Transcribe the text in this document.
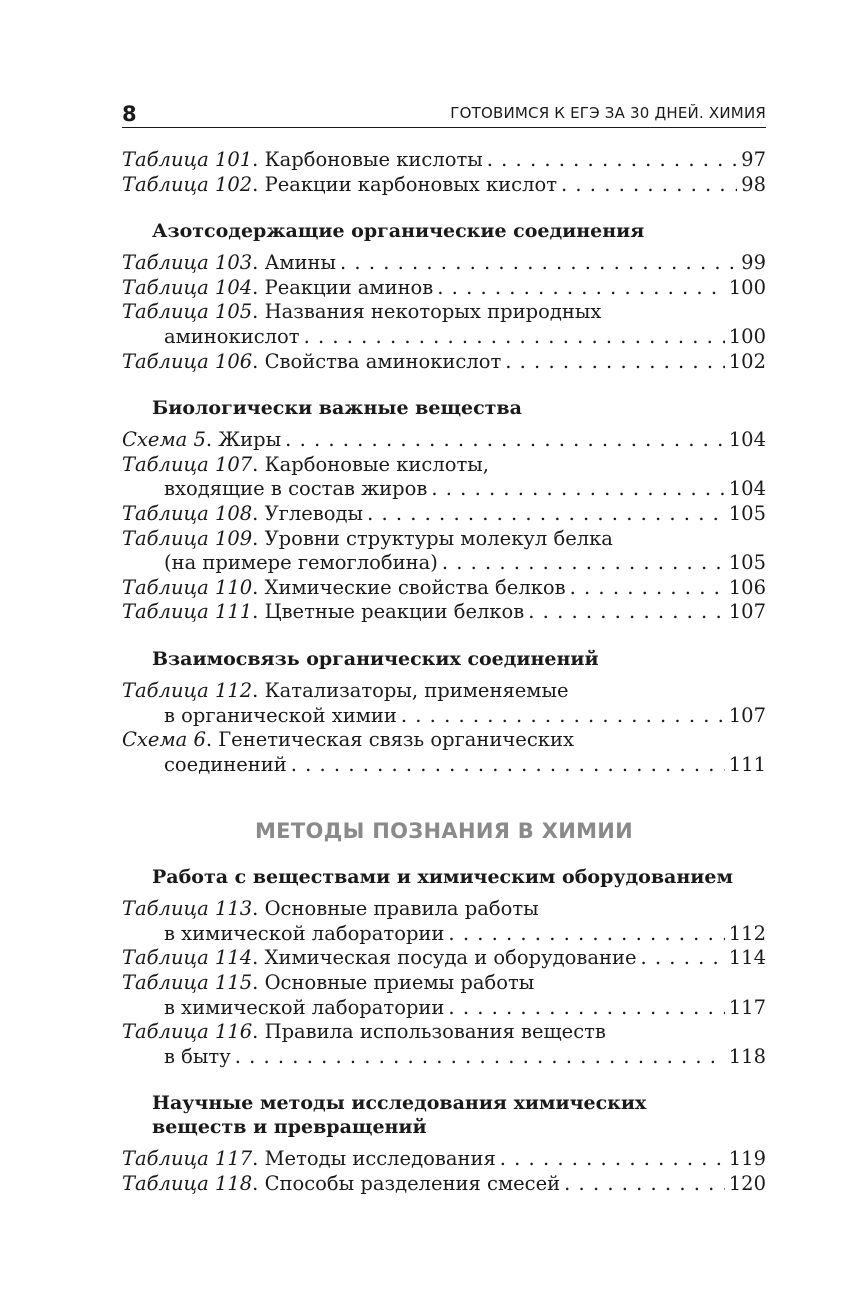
8	ГОТОВИМСЯ К ЕГЭ ЗА 30 ДНЕЙ. ХИМИЯ
Таблица 101. Карбоновые кислоты . . .	97
Таблица 102. Реакции карбоновых кислот . . .	98
Азотсодержащие органические соединения
Таблица 103. Амины . . .	99
Таблица 104. Реакции аминов . . .	100
Таблица 105. Названия некоторых природных
аминокислот . . .	100
Таблица 106. Свойства аминокислот . . .	102
Биологически важные вещества
Схема 5. Жиры . . .	104
Таблица 107. Карбоновые кислоты,
входящие в состав жиров . . .	104
Таблица 108. Углеводы . . .	105
Таблица 109. Уровни структуры молекул белка
(на примере гемоглобина) . . .	105
Таблица 110. Химические свойства белков . . .	106
Таблица 111. Цветные реакции белков . . .	107
Взаимосвязь органических соединений
Таблица 112. Катализаторы, применяемые
в органической химии . . .	107
Схема 6. Генетическая связь органических
соединений . . .	111
МЕТОДЫ ПОЗНАНИЯ В ХИМИИ
Работа с веществами и химическим оборудованием
Таблица 113. Основные правила работы
в химической лаборатории . . .	112
Таблица 114. Химическая посуда и оборудование . . .	114
Таблица 115. Основные приемы работы
в химической лаборатории . . .	117
Таблица 116. Правила использования веществ
в быту . . .	118
Научные методы исследования химических
веществ и превращений
Таблица 117. Методы исследования . . .	119
Таблица 118. Способы разделения смесей . . .	120
